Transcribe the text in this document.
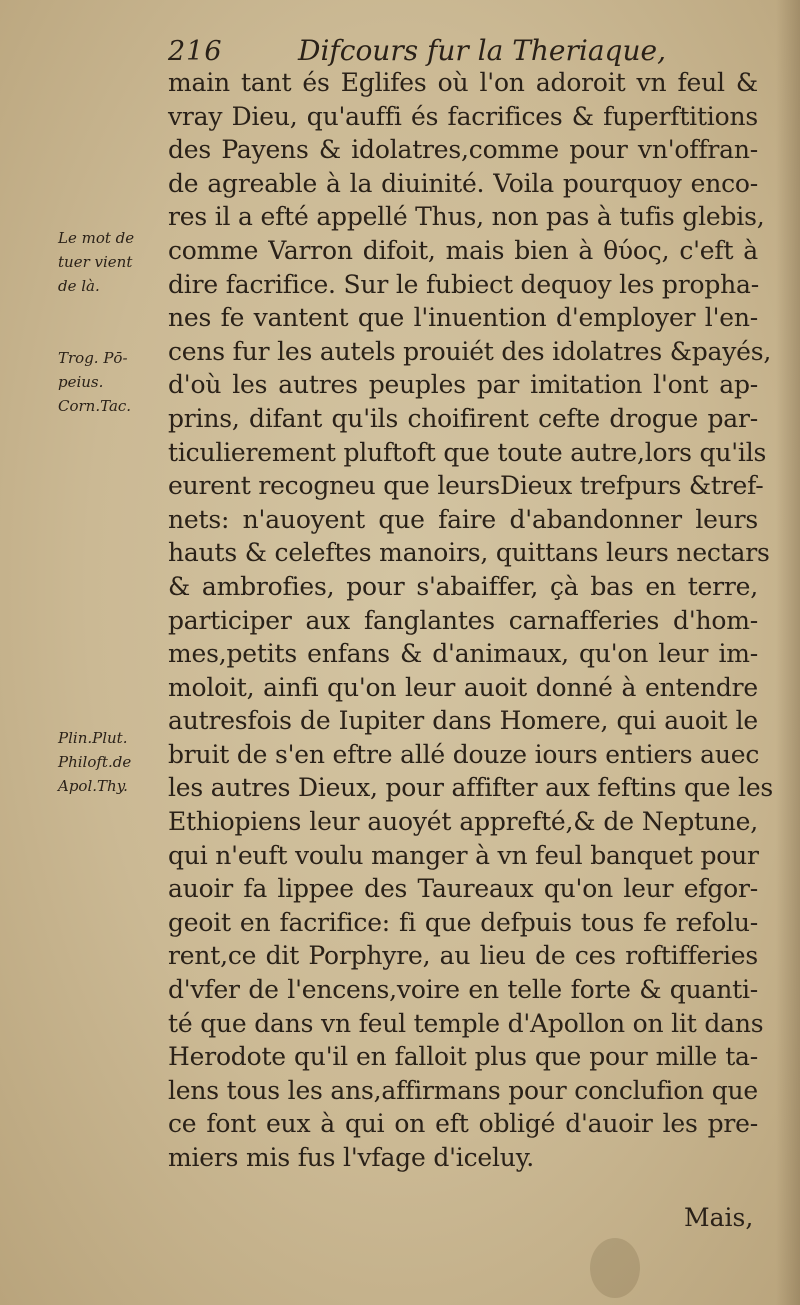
216	Difcours fur la Theriaque,
main tant és Eglifes où l'on adoroit vn feul &
vray Dieu, qu'auffi és facrifices & fuperftitions
des Payens & idolatres,comme pour vn'offran-
de agreable à la diuinité. Voila pourquoy enco-
res il a efté appellé Thus, non pas à tufis glebis,
comme Varron difoit, mais bien à θύος, c'eft à
dire facrifice. Sur le fubiect dequoy les propha-
nes fe vantent que l'inuention d'employer l'en-
cens fur les autels prouiét des idolatres &payés,
d'où les autres peuples par imitation l'ont ap-
prins, difant qu'ils choifirent cefte drogue par-
ticulierement pluftoft que toute autre,lors qu'ils
eurent recogneu que leursDieux trefpurs &tref-
nets: n'auoyent que faire d'abandonner leurs
hauts & celeftes manoirs, quittans leurs nectars
& ambrofies, pour s'abaiffer, çà bas en terre,
participer aux fanglantes carnafferies d'hom-
mes,petits enfans & d'animaux, qu'on leur im-
moloit, ainfi qu'on leur auoit donné à entendre
autresfois de Iupiter dans Homere, qui auoit le
bruit de s'en eftre allé douze iours entiers auec
les autres Dieux, pour affifter aux feftins que les
Ethiopiens leur auoyét apprefté,& de Neptune,
qui n'euft voulu manger à vn feul banquet pour
auoir fa lippee des Taureaux qu'on leur efgor-
geoit en facrifice: fi que defpuis tous fe refolu-
rent,ce dit Porphyre, au lieu de ces roftifferies
d'vfer de l'encens,voire en telle forte & quanti-
té que dans vn feul temple d'Apollon on lit dans
Herodote qu'il en falloit plus que pour mille ta-
lens tous les ans,affirmans pour conclufion que
ce font eux à qui on eft obligé d'auoir les pre-
miers mis fus l'vfage d'iceluy.
Le mot de
tuer vient
de là.
Trog. Pō-
peius.
Corn.Tac.
Plin.Plut.
Philoft.de
Apol.Thy.
Mais,
